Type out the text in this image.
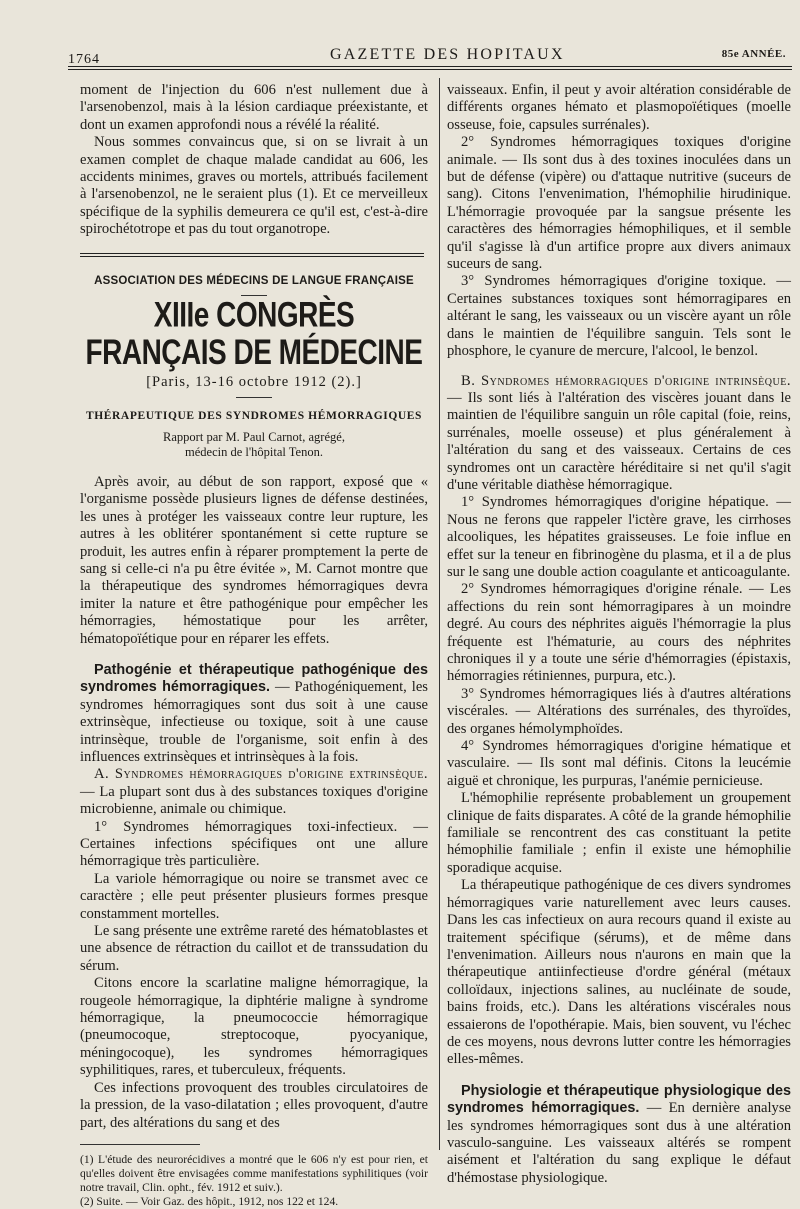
1764	GAZETTE DES HOPITAUX	85e ANNÉE.

moment de l'injection du 606 n'est nullement due à l'arsenobenzol, mais à la lésion cardiaque préexistante, et dont un examen approfondi nous a révélé la réalité.

Nous sommes convaincus que, si on se livrait à un examen complet de chaque malade candidat au 606, les accidents minimes, graves ou mortels, attribués facilement à l'arsenobenzol, ne le seraient plus (1). Et ce merveilleux spécifique de la syphilis demeurera ce qu'il est, c'est-à-dire spirochétotrope et pas du tout organotrope.

ASSOCIATION DES MÉDECINS DE LANGUE FRANÇAISE
XIIIe CONGRÈS FRANÇAIS DE MÉDECINE
[Paris, 13-16 octobre 1912 (2).]
THÉRAPEUTIQUE DES SYNDROMES HÉMORRAGIQUES
Rapport par M. Paul Carnot, agrégé,
médecin de l'hôpital Tenon.

Après avoir, au début de son rapport, exposé que « l'organisme possède plusieurs lignes de défense destinées, les unes à protéger les vaisseaux contre leur rupture, les autres à les oblitérer spontanément si cette rupture se produit, les autres enfin à réparer promptement la perte de sang si celle-ci n'a pu être évitée », M. Carnot montre que la thérapeutique des syndromes hémorragiques devra imiter la nature et être pathogénique pour empêcher les hémorragies, hémostatique pour les arrêter, hématopoïétique pour en réparer les effets.

Pathogénie et thérapeutique pathogénique des syndromes hémorragiques. — Pathogéniquement, les syndromes hémorragiques sont dus soit à une cause extrinsèque, infectieuse ou toxique, soit à une cause intrinsèque, trouble de l'organisme, soit enfin à des influences extrinsèques et intrinsèques à la fois.

A. Syndromes hémorragiques d'origine extrinsèque. — La plupart sont dus à des substances toxiques d'origine microbienne, animale ou chimique.

1° Syndromes hémorragiques toxi-infectieux. — Certaines infections spécifiques ont une allure hémorragique très particulière.

La variole hémorragique ou noire se transmet avec ce caractère ; elle peut présenter plusieurs formes presque constamment mortelles.

Le sang présente une extrême rareté des hématoblastes et une absence de rétraction du caillot et de transsudation du sérum.

Citons encore la scarlatine maligne hémorragique, la rougeole hémorragique, la diphtérie maligne à syndrome hémorragique, la pneumococcie hémorragique (pneumocoque, streptocoque, pyocyanique, méningocoque), les syndromes hémorragiques syphilitiques, rares, et tuberculeux, fréquents.

Ces infections provoquent des troubles circulatoires de la pression, de la vaso-dilatation ; elles provoquent, d'autre part, des altérations du sang et des

(1) L'étude des neurorécidives a montré que le 606 n'y est pour rien, et qu'elles doivent être envisagées comme manifestations syphilitiques (voir notre travail, Clin. opht., fév. 1912 et suiv.).

(2) Suite. — Voir Gaz. des hôpit., 1912, nos 122 et 124.

vaisseaux. Enfin, il peut y avoir altération considérable de différents organes hémato et plasmopoïétiques (moelle osseuse, foie, capsules surrénales).

2° Syndromes hémorragiques toxiques d'origine animale. — Ils sont dus à des toxines inoculées dans un but de défense (vipère) ou d'attaque nutritive (suceurs de sang). Citons l'envenimation, l'hémophilie hirudinique. L'hémorragie provoquée par la sangsue présente les caractères des hémorragies hémophiliques, et il semble qu'il s'agisse là d'un artifice propre aux divers animaux suceurs de sang.

3° Syndromes hémorragiques d'origine toxique. — Certaines substances toxiques sont hémorragipares en altérant le sang, les vaisseaux ou un viscère ayant un rôle dans le maintien de l'équilibre sanguin. Tels sont le phosphore, le cyanure de mercure, l'alcool, le benzol.

B. Syndromes hémorragiques d'origine intrinsèque. — Ils sont liés à l'altération des viscères jouant dans le maintien de l'équilibre sanguin un rôle capital (foie, reins, surrénales, moelle osseuse) et plus généralement à l'altération du sang et des vaisseaux. Certains de ces syndromes ont un caractère héréditaire si net qu'il s'agit d'une véritable diathèse hémorragique.

1° Syndromes hémorragiques d'origine hépatique. — Nous ne ferons que rappeler l'ictère grave, les cirrhoses alcooliques, les hépatites graisseuses. Le foie influe en effet sur la teneur en fibrinogène du plasma, et il a de plus sur le sang une double action coagulante et anticoagulante.

2° Syndromes hémorragiques d'origine rénale. — Les affections du rein sont hémorragipares à un moindre degré. Au cours des néphrites aiguës l'hémorragie la plus fréquente est l'hématurie, au cours des néphrites chroniques il y a toute une série d'hémorragies (épistaxis, hémorragies rétiniennes, purpura, etc.).

3° Syndromes hémorragiques liés à d'autres altérations viscérales. — Altérations des surrénales, des thyroïdes, des organes hémolymphoïdes.

4° Syndromes hémorragiques d'origine hématique et vasculaire. — Ils sont mal définis. Citons la leucémie aiguë et chronique, les purpuras, l'anémie pernicieuse.

L'hémophilie représente probablement un groupement clinique de faits disparates. A côté de la grande hémophilie familiale se rencontrent des cas constituant la petite hémophilie familiale ; enfin il existe une hémophilie sporadique acquise.

La thérapeutique pathogénique de ces divers syndromes hémorragiques varie naturellement avec leurs causes. Dans les cas infectieux on aura recours quand il existe au traitement spécifique (sérums), et de même dans l'envenimation. Ailleurs nous n'aurons en main que la thérapeutique antiinfectieuse d'ordre général (métaux colloïdaux, injections salines, au nucléinate de soude, bains froids, etc.). Dans les altérations viscérales nous essaierons de l'opothérapie. Mais, bien souvent, vu l'échec de ces moyens, nous devrons lutter contre les hémorragies elles-mêmes.

Physiologie et thérapeutique physiologique des syndromes hémorragiques. — En dernière analyse les syndromes hémorragiques sont dus à une altération vasculo-sanguine. Les vaisseaux altérés se rompent aisément et l'altération du sang explique le défaut d'hémostase physiologique.
